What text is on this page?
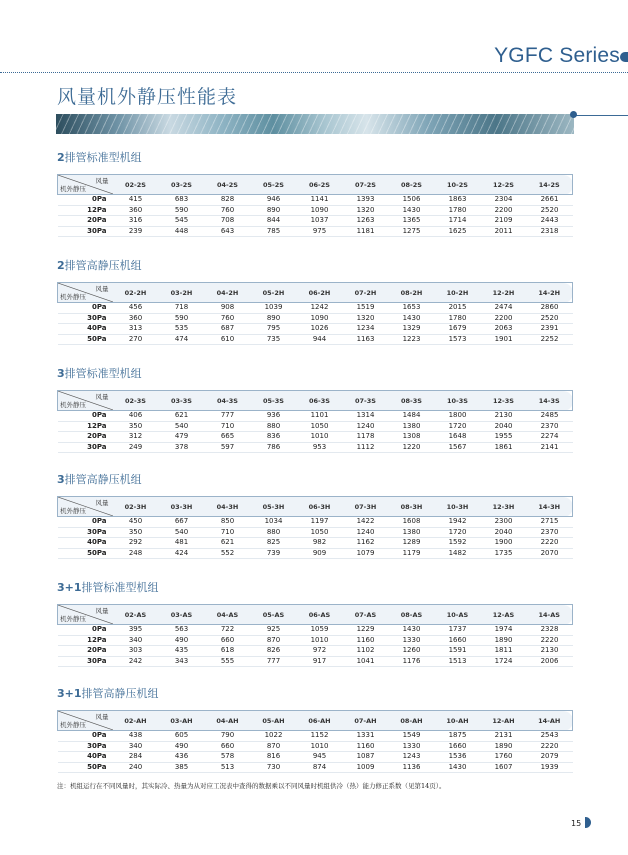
YGFC Series
风量机外静压性能表
2排管标准型机组
风量
机外静压	02-2S	03-2S	04-2S	05-2S	06-2S	07-2S	08-2S	10-2S	12-2S	14-2S
0Pa	415	683	828	946	1141	1393	1506	1863	2304	2661
12Pa	360	590	760	890	1090	1320	1430	1780	2200	2520
20Pa	316	545	708	844	1037	1263	1365	1714	2109	2443
30Pa	239	448	643	785	975	1181	1275	1625	2011	2318
2排管高静压机组
风量
机外静压	02-2H	03-2H	04-2H	05-2H	06-2H	07-2H	08-2H	10-2H	12-2H	14-2H
0Pa	456	718	908	1039	1242	1519	1653	2015	2474	2860
30Pa	360	590	760	890	1090	1320	1430	1780	2200	2520
40Pa	313	535	687	795	1026	1234	1329	1679	2063	2391
50Pa	270	474	610	735	944	1163	1223	1573	1901	2252
3排管标准型机组
风量
机外静压	02-3S	03-3S	04-3S	05-3S	06-3S	07-3S	08-3S	10-3S	12-3S	14-3S
0Pa	406	621	777	936	1101	1314	1484	1800	2130	2485
12Pa	350	540	710	880	1050	1240	1380	1720	2040	2370
20Pa	312	479	665	836	1010	1178	1308	1648	1955	2274
30Pa	249	378	597	786	953	1112	1220	1567	1861	2141
3排管高静压机组
风量
机外静压	02-3H	03-3H	04-3H	05-3H	06-3H	07-3H	08-3H	10-3H	12-3H	14-3H
0Pa	450	667	850	1034	1197	1422	1608	1942	2300	2715
30Pa	350	540	710	880	1050	1240	1380	1720	2040	2370
40Pa	292	481	621	825	982	1162	1289	1592	1900	2220
50Pa	248	424	552	739	909	1079	1179	1482	1735	2070
3+1排管标准型机组
风量
机外静压	02-AS	03-AS	04-AS	05-AS	06-AS	07-AS	08-AS	10-AS	12-AS	14-AS
0Pa	395	563	722	925	1059	1229	1430	1737	1974	2328
12Pa	340	490	660	870	1010	1160	1330	1660	1890	2220
20Pa	303	435	618	826	972	1102	1260	1591	1811	2130
30Pa	242	343	555	777	917	1041	1176	1513	1724	2006
3+1排管高静压机组
风量
机外静压	02-AH	03-AH	04-AH	05-AH	06-AH	07-AH	08-AH	10-AH	12-AH	14-AH
0Pa	438	605	790	1022	1152	1331	1549	1875	2131	2543
30Pa	340	490	660	870	1010	1160	1330	1660	1890	2220
40Pa	284	436	578	816	945	1087	1243	1536	1760	2079
50Pa	240	385	513	730	874	1009	1136	1430	1607	1939
注：机组运行在不同风量时，其实际冷、热量为从对应工况表中查得的数据乘以不同风量时机组供冷（热）能力修正系数（见第14页）。
15
